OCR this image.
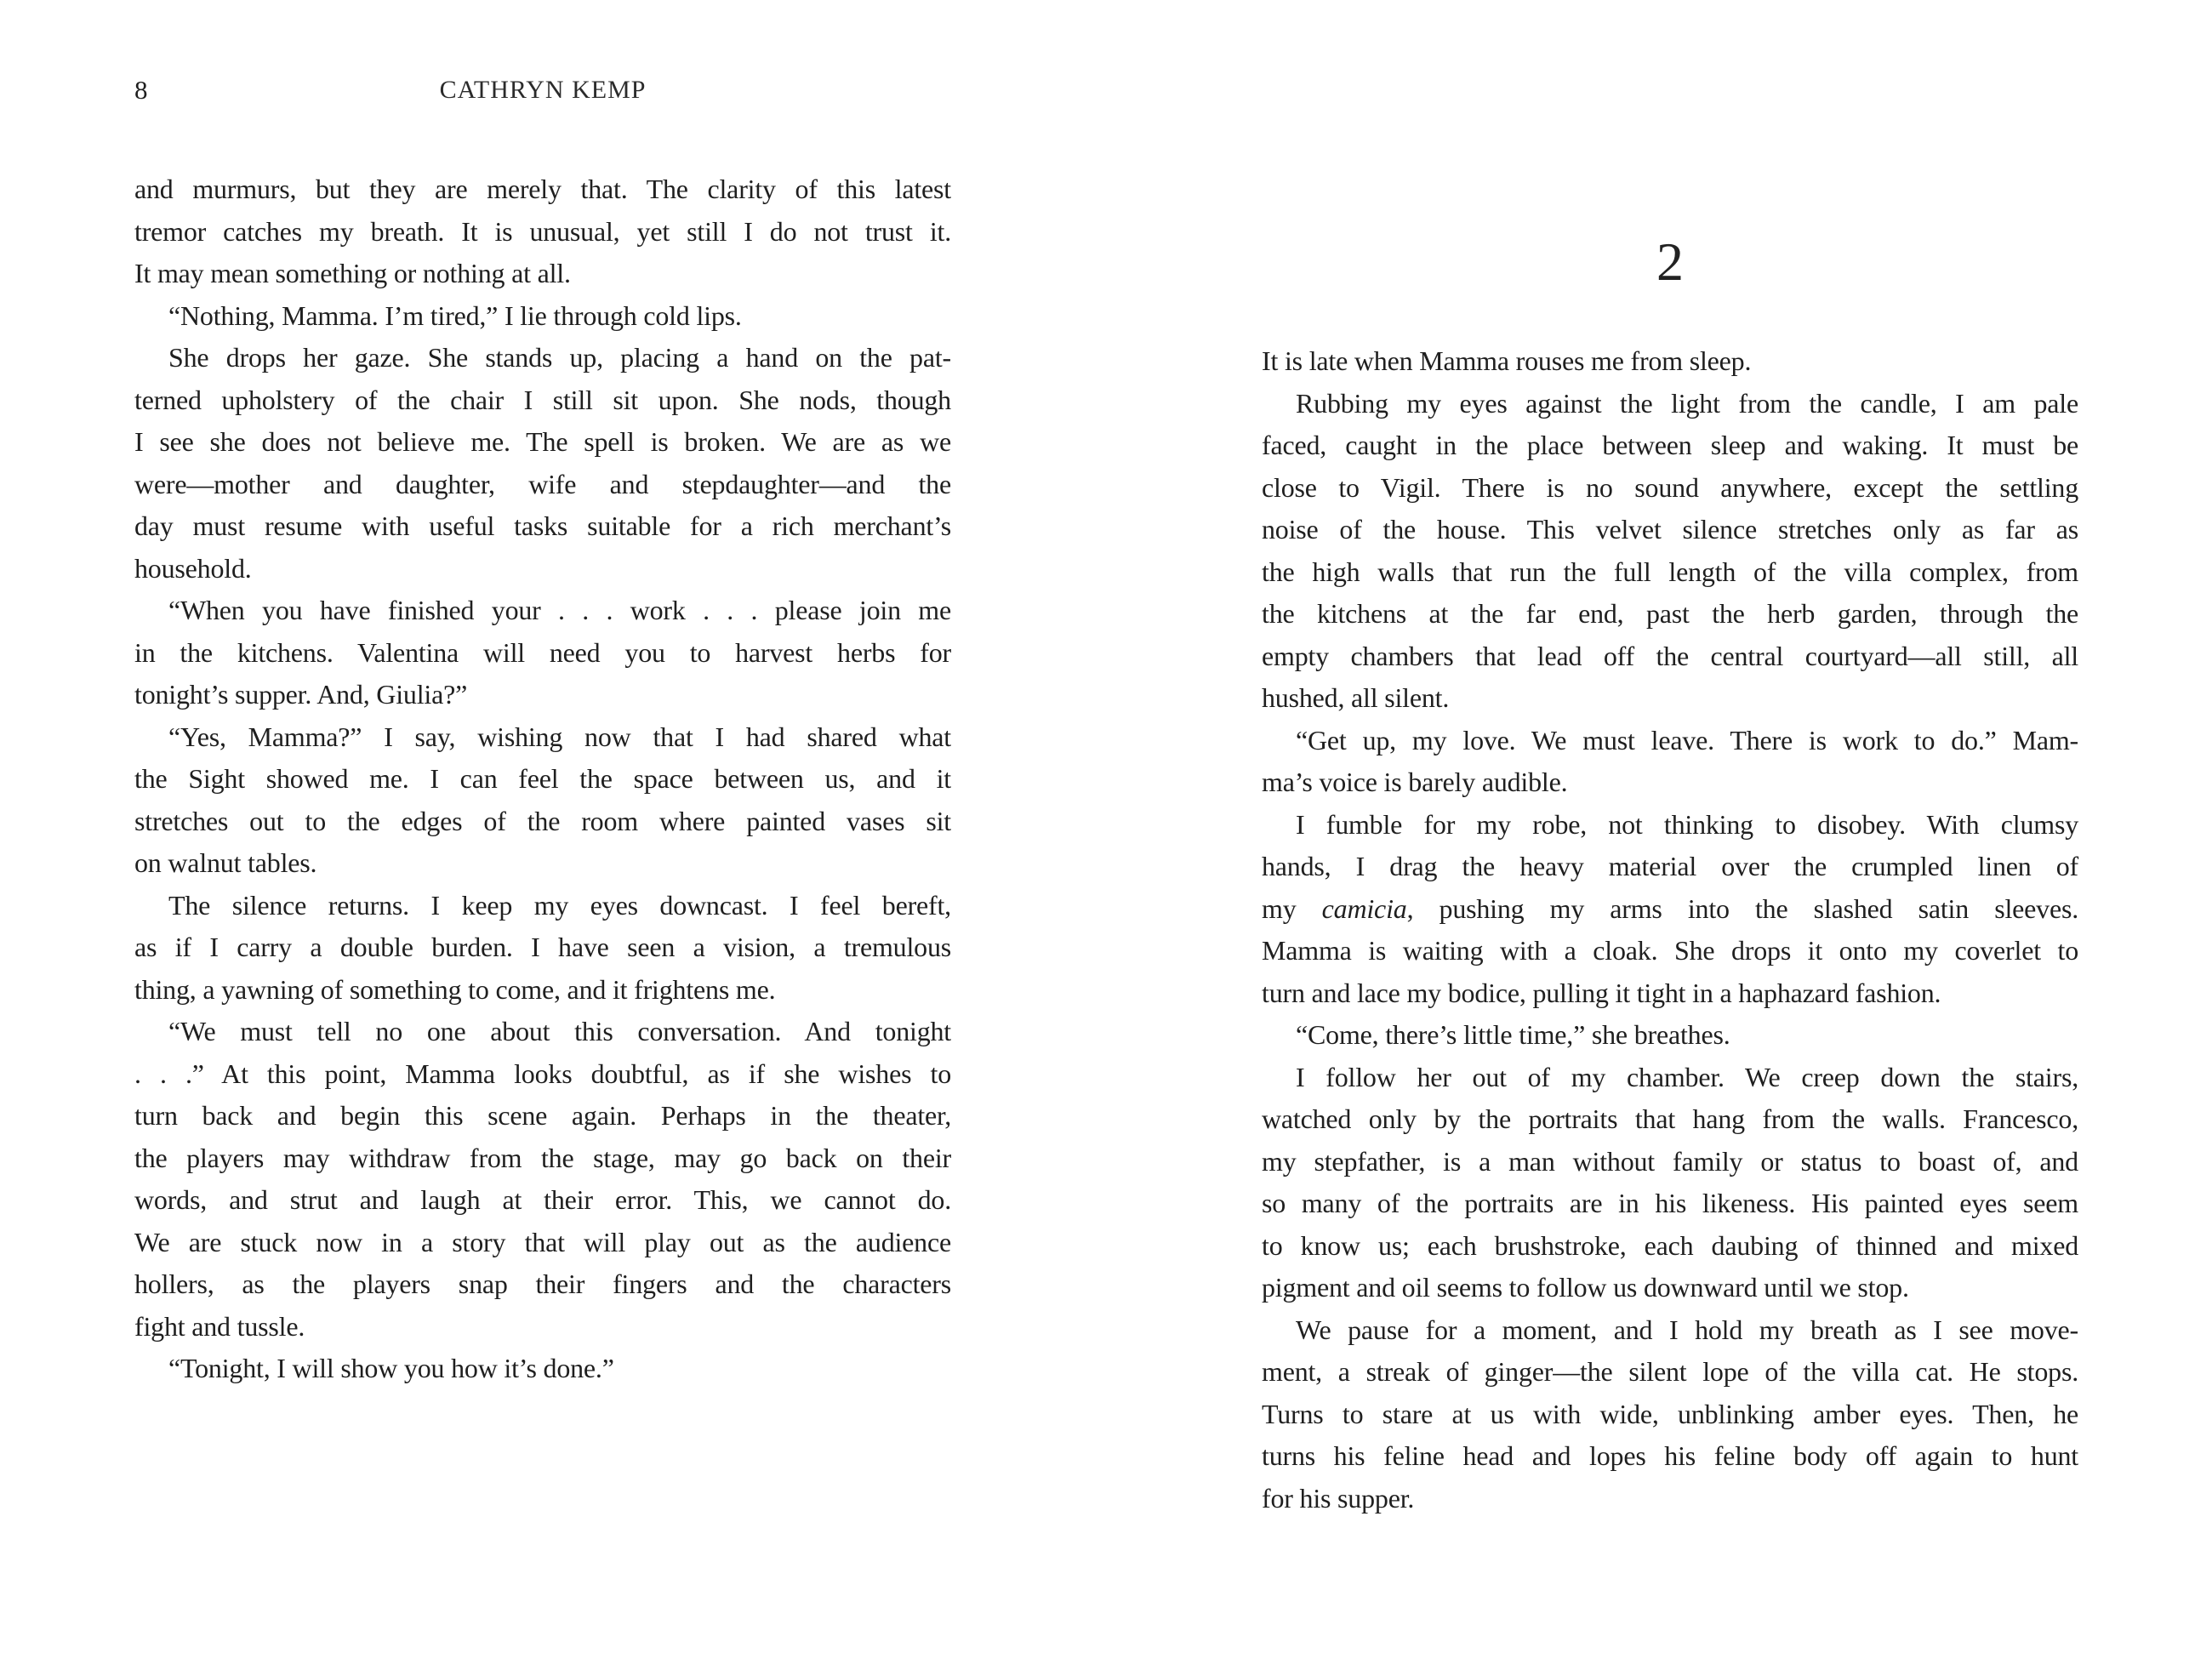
8	CATHRYN KEMP

and murmurs, but they are merely that. The clarity of this latest
tremor catches my breath. It is unusual, yet still I do not trust it.
It may mean something or nothing at all.

“Nothing, Mamma. I’m tired,” I lie through cold lips.

She drops her gaze. She stands up, placing a hand on the pat-
terned upholstery of the chair I still sit upon. She nods, though
I see she does not believe me. The spell is broken. We are as we
were—mother and daughter, wife and stepdaughter—and the
day must resume with useful tasks suitable for a rich merchant’s
household.

“When you have finished your . . . work . . . please join me
in the kitchens. Valentina will need you to harvest herbs for
tonight’s supper. And, Giulia?”

“Yes, Mamma?” I say, wishing now that I had shared what
the Sight showed me. I can feel the space between us, and it
stretches out to the edges of the room where painted vases sit
on walnut tables.

The silence returns. I keep my eyes downcast. I feel bereft,
as if I carry a double burden. I have seen a vision, a tremulous
thing, a yawning of something to come, and it frightens me.

“We must tell no one about this conversation. And tonight
. . .” At this point, Mamma looks doubtful, as if she wishes to
turn back and begin this scene again. Perhaps in the theater,
the players may withdraw from the stage, may go back on their
words, and strut and laugh at their error. This, we cannot do.
We are stuck now in a story that will play out as the audience
hollers, as the players snap their fingers and the characters
fight and tussle.

“Tonight, I will show you how it’s done.”

2

It is late when Mamma rouses me from sleep.

Rubbing my eyes against the light from the candle, I am pale
faced, caught in the place between sleep and waking. It must be
close to Vigil. There is no sound anywhere, except the settling
noise of the house. This velvet silence stretches only as far as
the high walls that run the full length of the villa complex, from
the kitchens at the far end, past the herb garden, through the
empty chambers that lead off the central courtyard—all still, all
hushed, all silent.

“Get up, my love. We must leave. There is work to do.” Mam-
ma’s voice is barely audible.

I fumble for my robe, not thinking to disobey. With clumsy
hands, I drag the heavy material over the crumpled linen of
my camicia, pushing my arms into the slashed satin sleeves.
Mamma is waiting with a cloak. She drops it onto my coverlet to
turn and lace my bodice, pulling it tight in a haphazard fashion.

“Come, there’s little time,” she breathes.

I follow her out of my chamber. We creep down the stairs,
watched only by the portraits that hang from the walls. Francesco,
my stepfather, is a man without family or status to boast of, and
so many of the portraits are in his likeness. His painted eyes seem
to know us; each brushstroke, each daubing of thinned and mixed
pigment and oil seems to follow us downward until we stop.

We pause for a moment, and I hold my breath as I see move-
ment, a streak of ginger—the silent lope of the villa cat. He stops.
Turns to stare at us with wide, unblinking amber eyes. Then, he
turns his feline head and lopes his feline body off again to hunt
for his supper.
